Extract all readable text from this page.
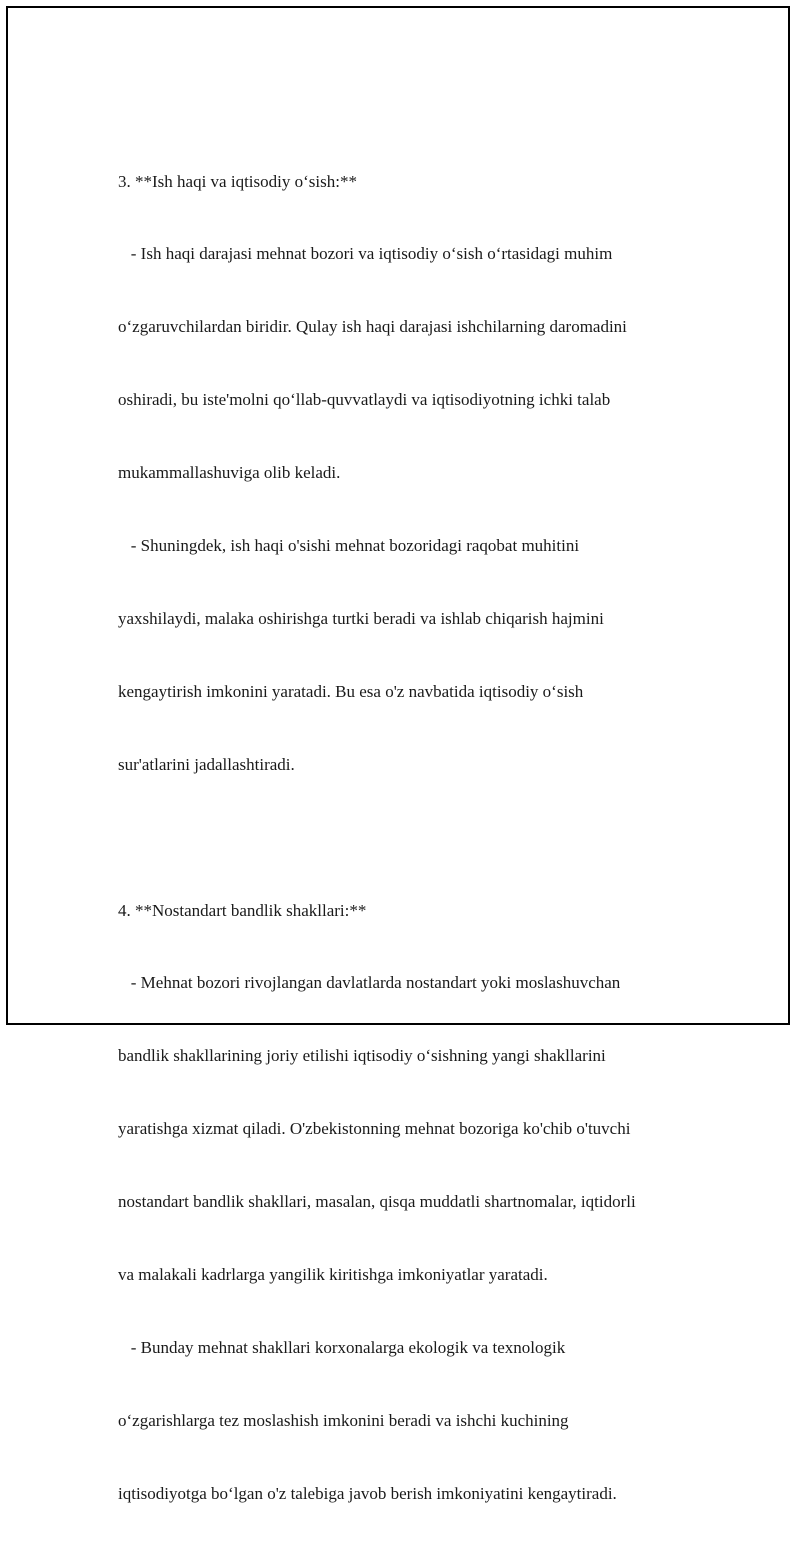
3. **Ish haqi va iqtisodiy o‘sish:**

- Ish haqi darajasi mehnat bozori va iqtisodiy o‘sish o‘rtasidagi muhim

o‘zgaruvchilardan biridir. Qulay ish haqi darajasi ishchilarning daromadini

oshiradi, bu iste'molni qo‘llab-quvvatlaydi va iqtisodiyotning ichki talab

mukammallashuviga olib keladi.

- Shuningdek, ish haqi o'sishi mehnat bozoridagi raqobat muhitini

yaxshilaydi, malaka oshirishga turtki beradi va ishlab chiqarish hajmini

kengaytirish imkonini yaratadi. Bu esa o'z navbatida iqtisodiy o‘sish

sur'atlarini jadallashtiradi.

4. **Nostandart bandlik shakllari:**

- Mehnat bozori rivojlangan davlatlarda nostandart yoki moslashuvchan

bandlik shakllarining joriy etilishi iqtisodiy o‘sishning yangi shakllarini

yaratishga xizmat qiladi. O'zbekistonning mehnat bozoriga ko'chib o'tuvchi

nostandart bandlik shakllari, masalan, qisqa muddatli shartnomalar, iqtidorli

va malakali kadrlarga yangilik kiritishga imkoniyatlar yaratadi.

- Bunday mehnat shakllari korxonalarga ekologik va texnologik

o‘zgarishlarga tez moslashish imkonini beradi va ishchi kuchining

iqtisodiyotga bo‘lgan o'z talebiga javob berish imkoniyatini kengaytiradi.
